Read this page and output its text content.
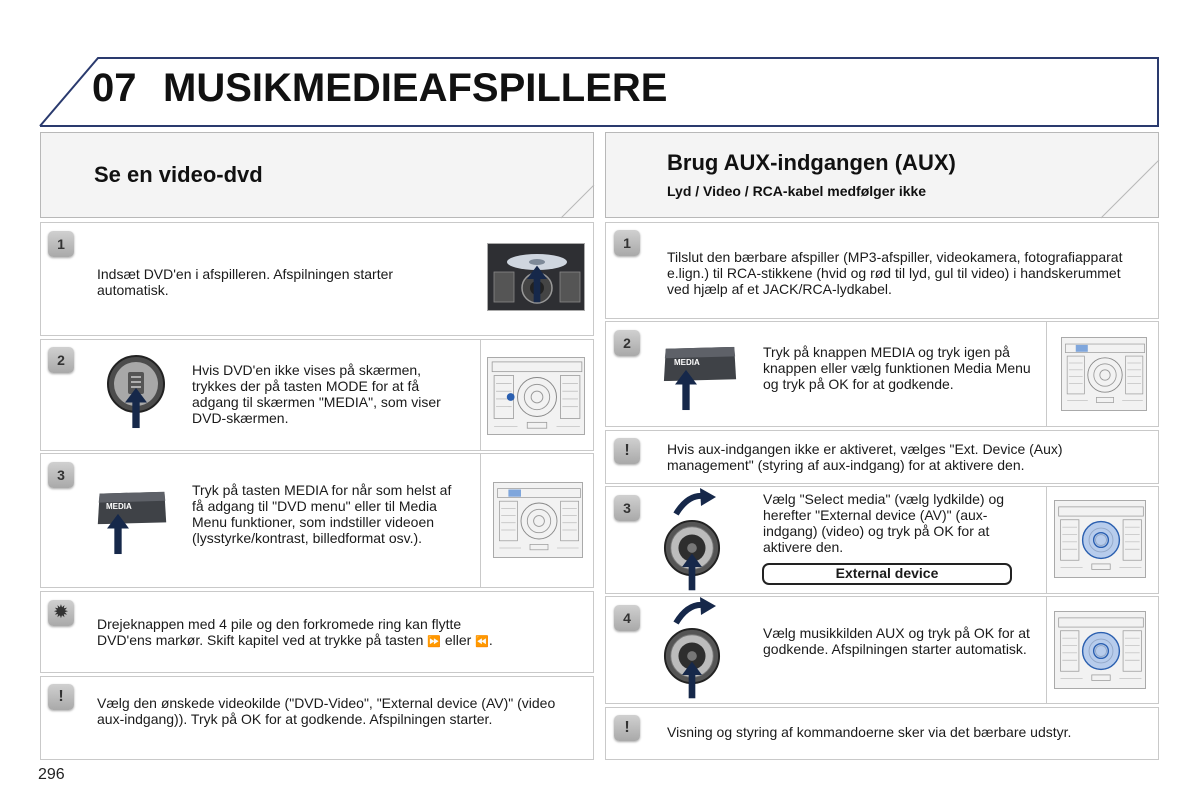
07 MUSIKMEDIEAFSPILLERE
Se en video-dvd
1
Indsæt DVD'en i afspilleren. Afspilningen starter automatisk.
2
Hvis DVD'en ikke vises på skærmen, trykkes der på tasten MODE for at få adgang til skærmen "MEDIA", som viser DVD-skærmen.
3
MEDIA
Tryk på tasten MEDIA for når som helst af få adgang til "DVD menu" eller til Media Menu funktioner, som indstiller videoen (lysstyrke/kontrast, billedformat osv.).
✹
Drejeknappen med 4 pile og den forkromede ring kan flytte
DVD'ens markør. Skift kapitel ved at trykke på tasten ⏩ eller ⏪.
!	Vælg den ønskede videokilde ("DVD-Video", "External device (AV)" (video aux-indgang)). Tryk på OK for at godkende. Afspilningen starter.
Brug AUX-indgangen (AUX)
Lyd / Video / RCA-kabel medfølger ikke
1
Tilslut den bærbare afspiller (MP3-afspiller, videokamera, fotografiapparat e.lign.) til RCA-stikkene (hvid og rød til lyd, gul til video) i handskerummet ved hjælp af et JACK/RCA-lydkabel.
2
MEDIA
Tryk på knappen MEDIA og tryk igen på knappen eller vælg funktionen Media Menu og tryk på OK for at godkende.
!	Hvis aux-indgangen ikke er aktiveret, vælges "Ext. Device (Aux) management" (styring af aux-indgang) for at aktivere den.
3
Vælg "Select media" (vælg lydkilde) og herefter "External device (AV)" (aux-indgang) (video) og tryk på OK for at aktivere den.
External device
4
Vælg musikkilden AUX og tryk på OK for at godkende. Afspilningen starter automatisk.
!	Visning og styring af kommandoerne sker via det bærbare udstyr.
296
